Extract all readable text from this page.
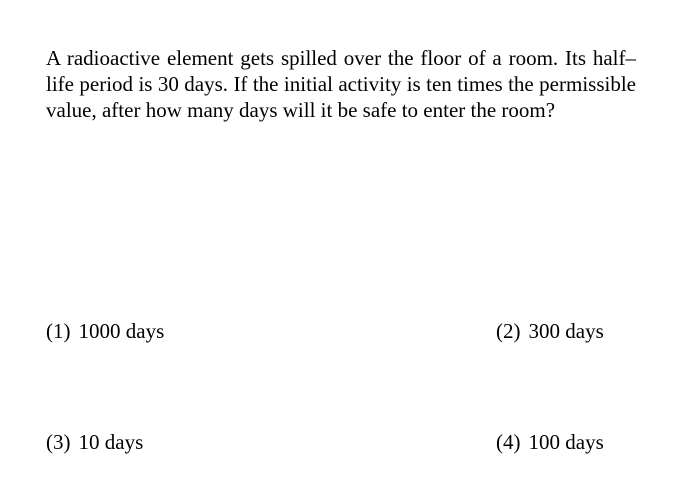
A radioactive element gets spilled over the floor of a room. Its half–life period is 30 days. If the initial activity is ten times the permissible value, after how many days will it be safe to enter the room?

(1) 1000 days	(2) 300 days
(3) 10 days	(4) 100 days
